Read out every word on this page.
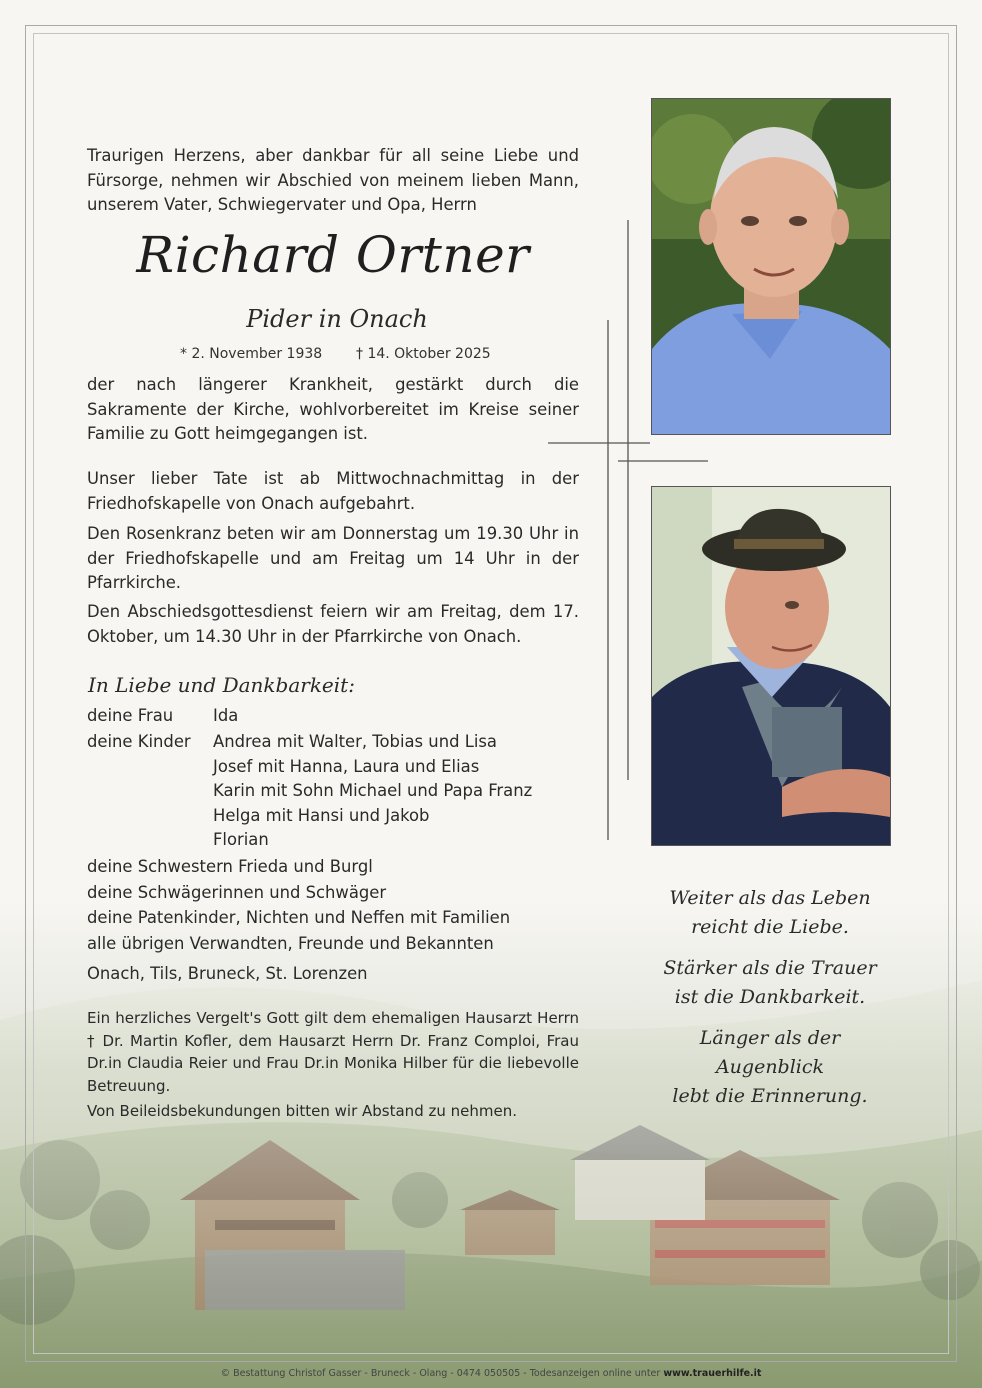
Traurigen Herzens, aber dankbar für all seine Liebe und Fürsorge, nehmen wir Abschied von meinem lieben Mann, unserem Vater, Schwiegervater und Opa, Herrn
Richard Ortner
Pider in Onach
* 2. November 1938 † 14. Oktober 2025
der nach längerer Krankheit, gestärkt durch die Sakramente der Kirche, wohlvorbereitet im Kreise seiner Familie zu Gott heimgegangen ist.
Unser lieber Tate ist ab Mittwochnachmittag in der Friedhofskapelle von Onach aufgebahrt.
Den Rosenkranz beten wir am Donnerstag um 19.30 Uhr in der Friedhofskapelle und am Freitag um 14 Uhr in der Pfarrkirche.
Den Abschiedsgottesdienst feiern wir am Freitag, dem 17. Oktober, um 14.30 Uhr in der Pfarrkirche von Onach.
In Liebe und Dankbarkeit:
deine Frau Ida
deine Kinder	Andrea mit Walter, Tobias und Lisa
Josef mit Hanna, Laura und Elias
Karin mit Sohn Michael und Papa Franz
Helga mit Hansi und Jakob
Florian
deine Schwestern Frieda und Burgl
deine Schwägerinnen und Schwäger
deine Patenkinder, Nichten und Neffen mit Familien
alle übrigen Verwandten, Freunde und Bekannten
Onach, Tils, Bruneck, St. Lorenzen
Ein herzliches Vergelt's Gott gilt dem ehemaligen Hausarzt Herrn † Dr. Martin Kofler, dem Hausarzt Herrn Dr. Franz Comploi, Frau Dr.in Claudia Reier und Frau Dr.in Monika Hilber für die liebevolle Betreuung.
Von Beileidsbekundungen bitten wir Abstand zu nehmen.
Weiter als das Leben
reicht die Liebe.
Stärker als die Trauer
ist die Dankbarkeit.
Länger als der Augenblick
lebt die Erinnerung.
© Bestattung Christof Gasser - Bruneck - Olang - 0474 050505 - Todesanzeigen online unter www.trauerhilfe.it
